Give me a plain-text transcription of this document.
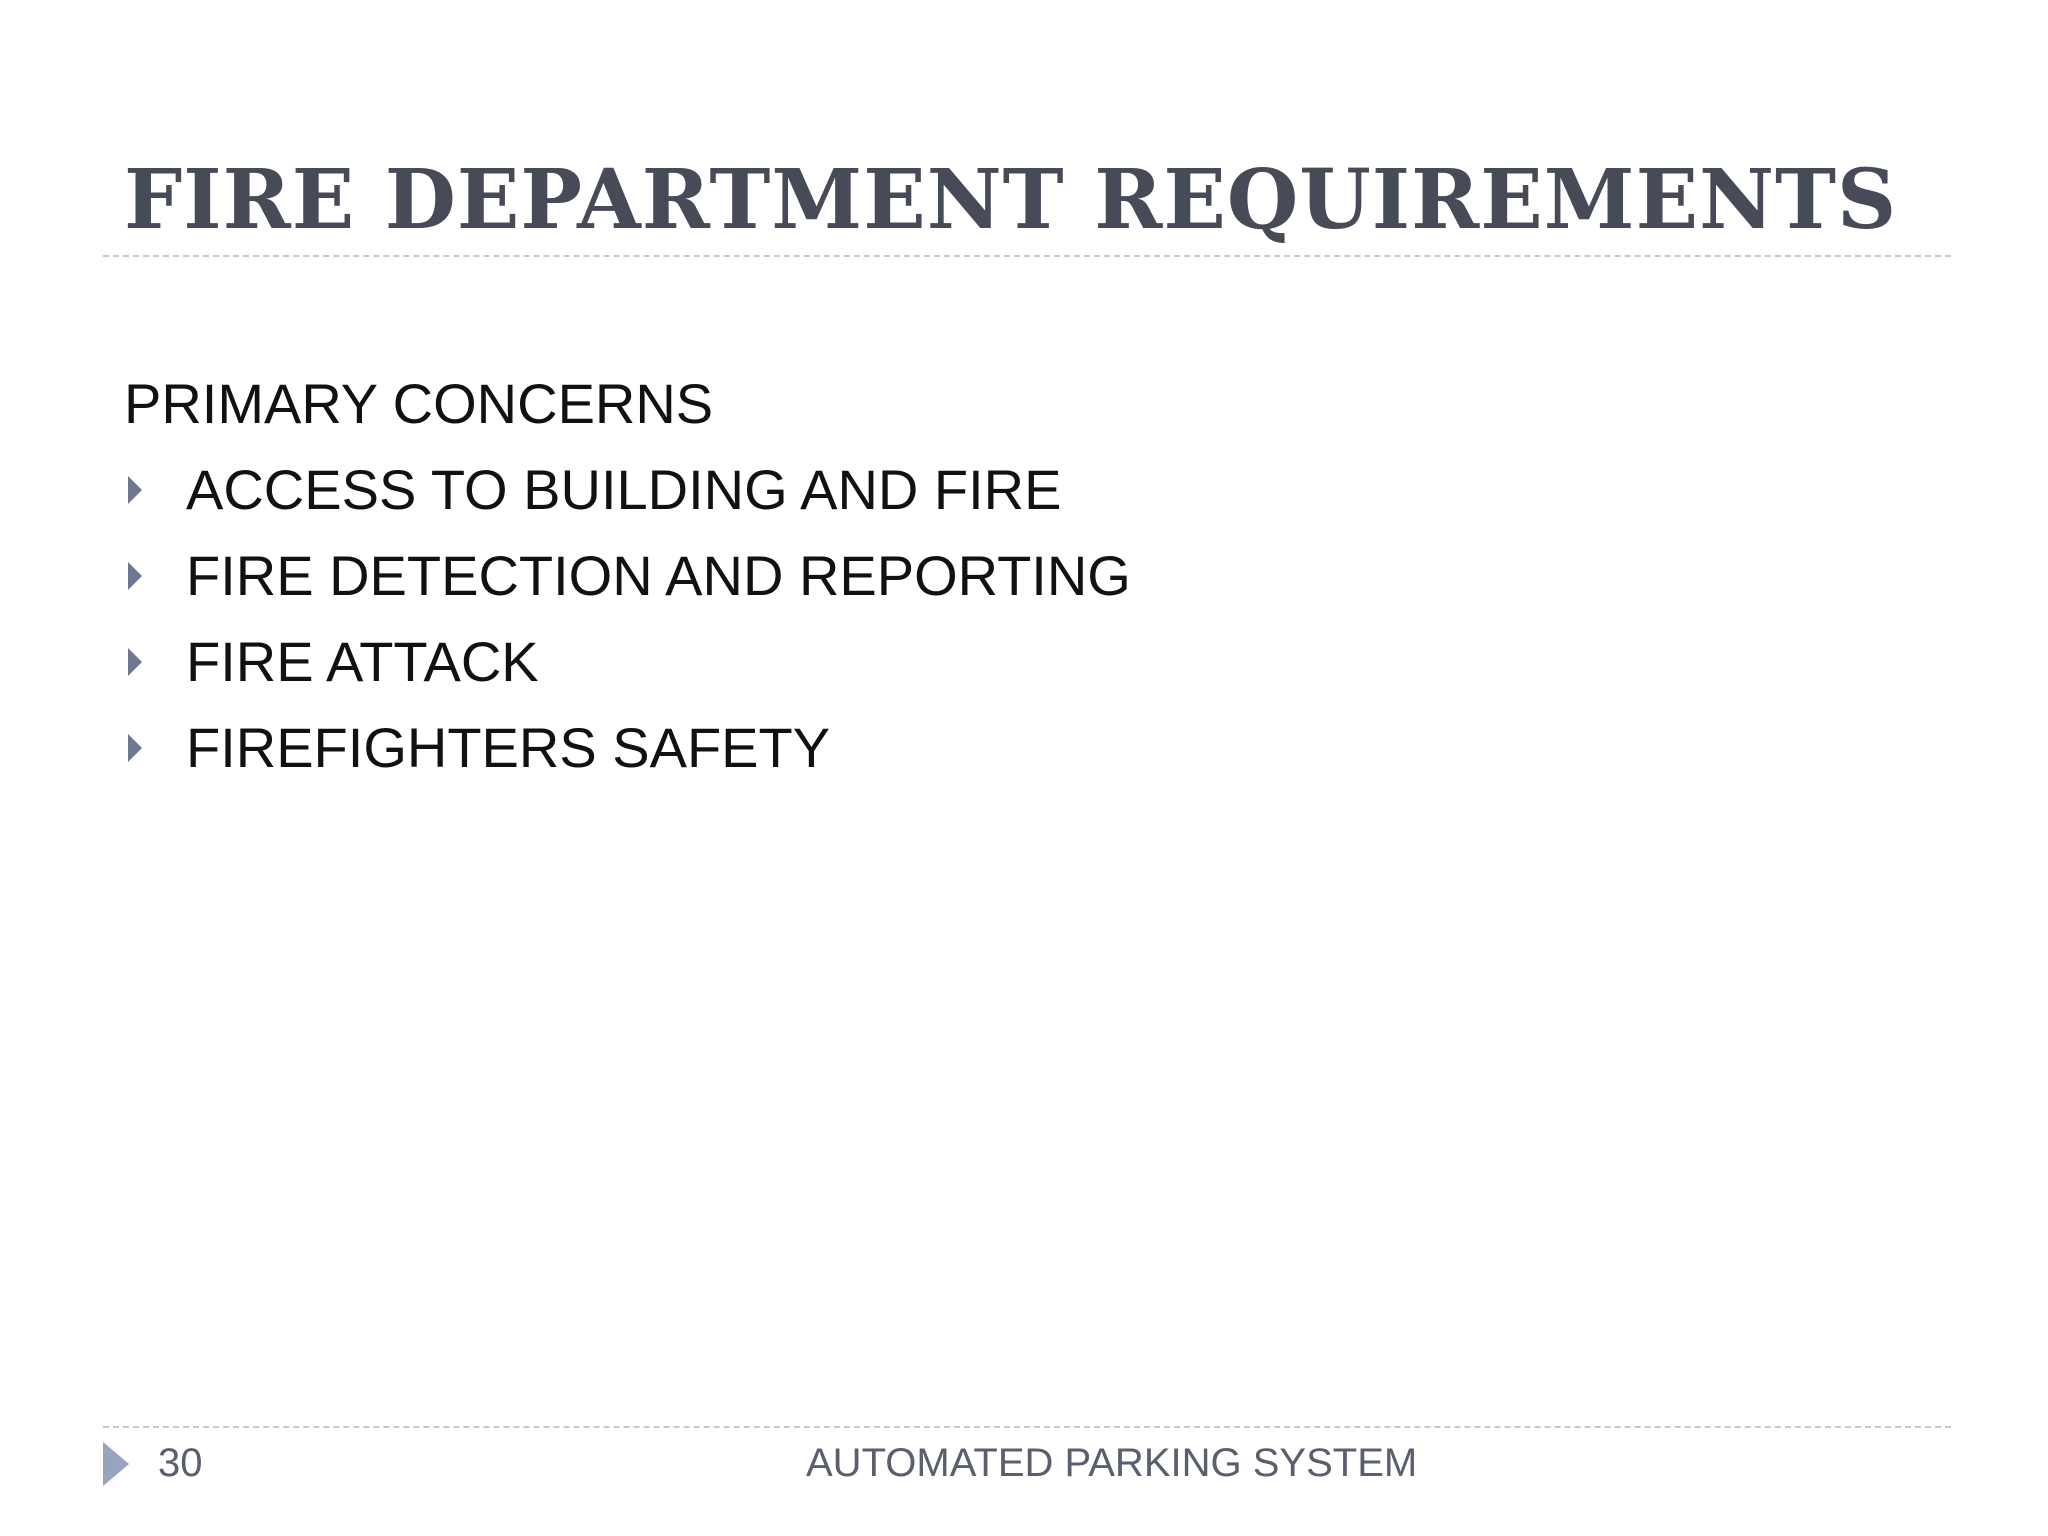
FIRE DEPARTMENT REQUIREMENTS
PRIMARY CONCERNS
ACCESS TO BUILDING AND FIRE
FIRE DETECTION AND REPORTING
FIRE ATTACK
FIREFIGHTERS SAFETY
30	AUTOMATED PARKING SYSTEM
